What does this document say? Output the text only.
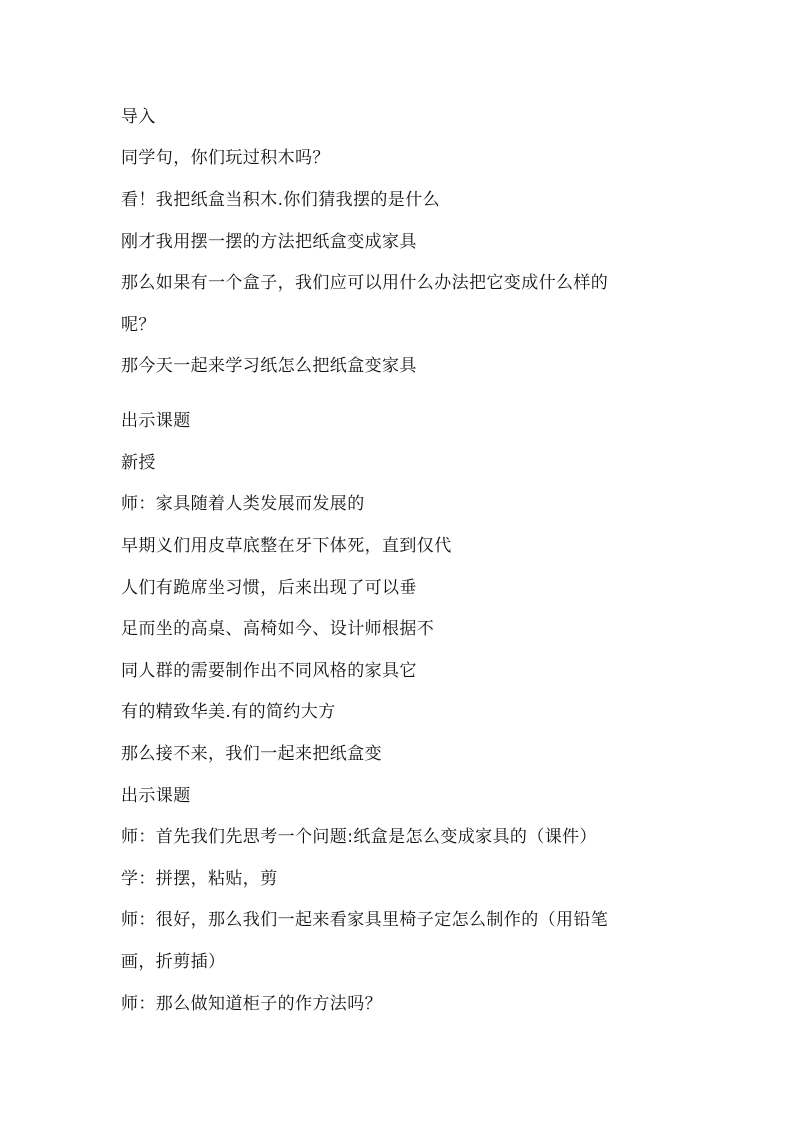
导入
同学句，你们玩过积木吗？
看！我把纸盒当积木.你们猜我摆的是什么
刚才我用摆一摆的方法把纸盒变成家具
那么如果有一个盒子，我们应可以用什么办法把它变成什么样的
呢？
那今天一起来学习纸怎么把纸盒变家具
出示课题
新授
师：家具随着人类发展而发展的
早期义们用皮草底整在牙下体死，直到仅代
人们有跪席坐习惯，后来出现了可以垂
足而坐的高桌、高椅如今、设计师根据不
同人群的需要制作出不同风格的家具它
有的精致华美.有的简约大方
那么接不来，我们一起来把纸盒变
出示课题
师：首先我们先思考一个问题:纸盒是怎么变成家具的（课件）
学：拼摆，粘贴，剪
师：很好，那么我们一起来看家具里椅子定怎么制作的（用铅笔
画，折剪插）
师：那么做知道柜子的作方法吗？
